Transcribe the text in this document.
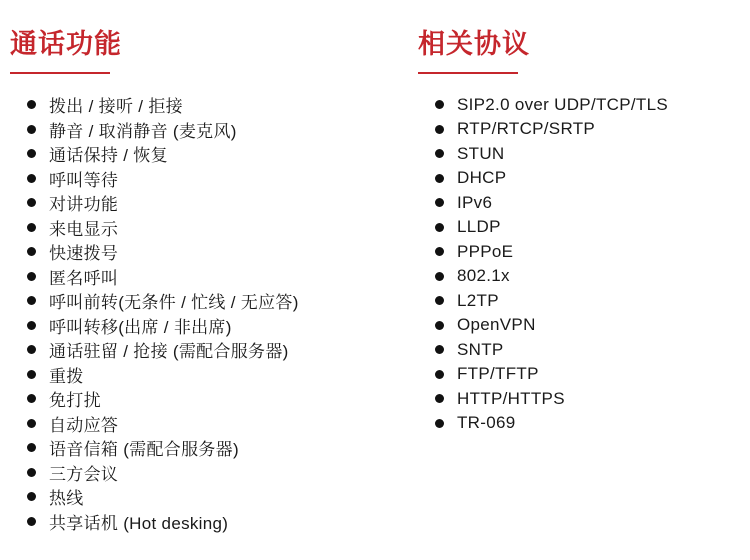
通话功能
拨出 / 接听 / 拒接
静音 / 取消静音 (麦克风)
通话保持 / 恢复
呼叫等待
对讲功能
来电显示
快速拨号
匿名呼叫
呼叫前转(无条件 / 忙线 / 无应答)
呼叫转移(出席 / 非出席)
通话驻留 / 抢接 (需配合服务器)
重拨
免打扰
自动应答
语音信箱 (需配合服务器)
三方会议
热线
共享话机 (Hot desking)
相关协议
SIP2.0 over UDP/TCP/TLS
RTP/RTCP/SRTP
STUN
DHCP
IPv6
LLDP
PPPoE
802.1x
L2TP
OpenVPN
SNTP
FTP/TFTP
HTTP/HTTPS
TR-069
